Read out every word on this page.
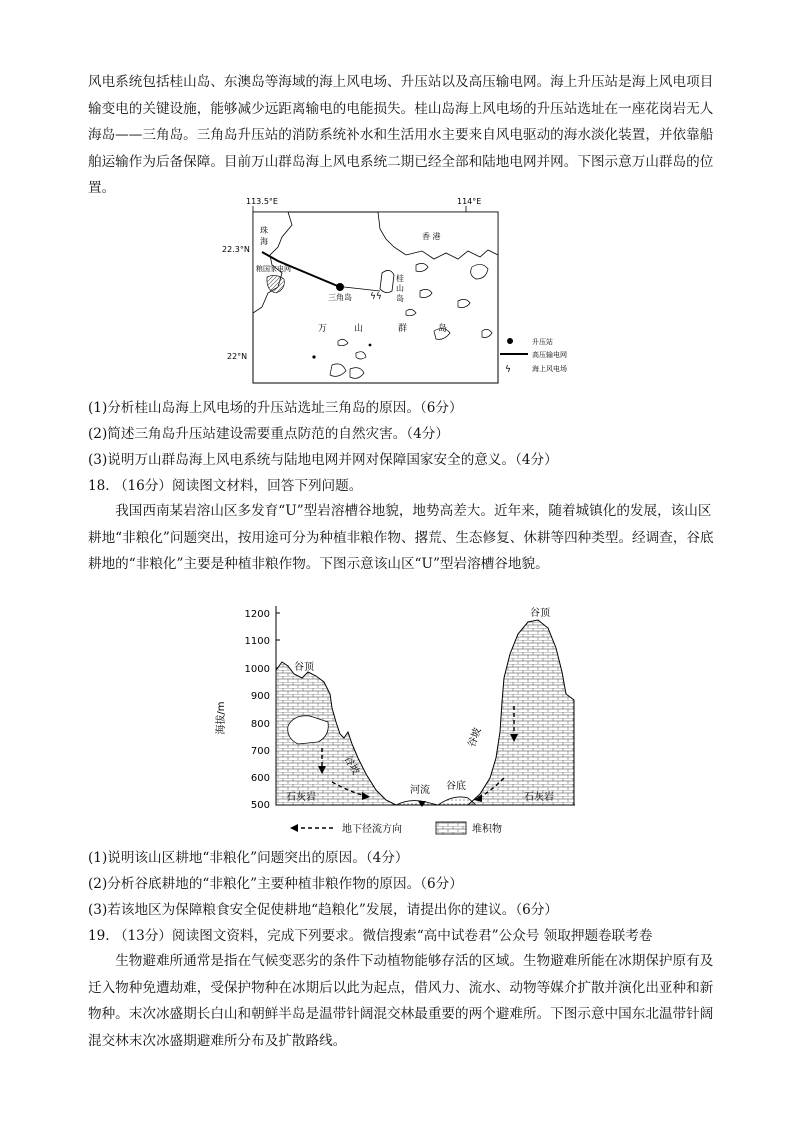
风电系统包括桂山岛、东澳岛等海域的海上风电场、升压站以及高压输电网。海上升压站是海上风电项目输变电的关键设施，能够减少远距离输电的电能损失。桂山岛海上风电场的升压站选址在一座花岗岩无人海岛——三角岛。三角岛升压站的消防系统补水和生活用水主要来自风电驱动的海水淡化装置，并依靠船舶运输作为后备保障。目前万山群岛海上风电系统二期已经全部和陆地电网并网。下图示意万山群岛的位置。

113.5°E	114°E
22.3°N
22°N
珠
海
香 港
粮国家电网
三角岛 ϟϟ
桂
山
岛
万	山	群	岛
升压站
高压输电网
ϟ	海上风电场
(1)分析桂山岛海上风电场的升压站选址三角岛的原因。（6分）
(2)简述三角岛升压站建设需要重点防范的自然灾害。（4分）
(3)说明万山群岛海上风电系统与陆地电网并网对保障国家安全的意义。（4分）
18. （16分）阅读图文材料，回答下列问题。

我国西南某岩溶山区多发育“U”型岩溶槽谷地貌，地势高差大。近年来，随着城镇化的发展，该山区耕地“非粮化”问题突出，按用途可分为种植非粮作物、撂荒、生态修复、休耕等四种类型。经调查，谷底耕地的“非粮化”主要是种植非粮作物。下图示意该山区“U”型岩溶槽谷地貌。

海拔/m
1200
1100
1000
900
800
700
600
500
谷顶
谷顶
谷坡
谷坡
河流 谷底
石灰岩	石灰岩
地下径流方向	堆积物
(1)说明该山区耕地“非粮化”问题突出的原因。（4分）
(2)分析谷底耕地的“非粮化”主要种植非粮作物的原因。（6分）
(3)若该地区为保障粮食安全促使耕地“趋粮化”发展，请提出你的建议。（6分）
19. （13分）阅读图文资料，完成下列要求。微信搜索“高中试卷君”公众号 领取押题卷联考卷

生物避难所通常是指在气候变恶劣的条件下动植物能够存活的区域。生物避难所能在冰期保护原有及迁入物种免遭劫难，受保护物种在冰期后以此为起点，借风力、流水、动物等媒介扩散并演化出亚种和新物种。末次冰盛期长白山和朝鲜半岛是温带针阔混交林最重要的两个避难所。下图示意中国东北温带针阔混交林末次冰盛期避难所分布及扩散路线。
